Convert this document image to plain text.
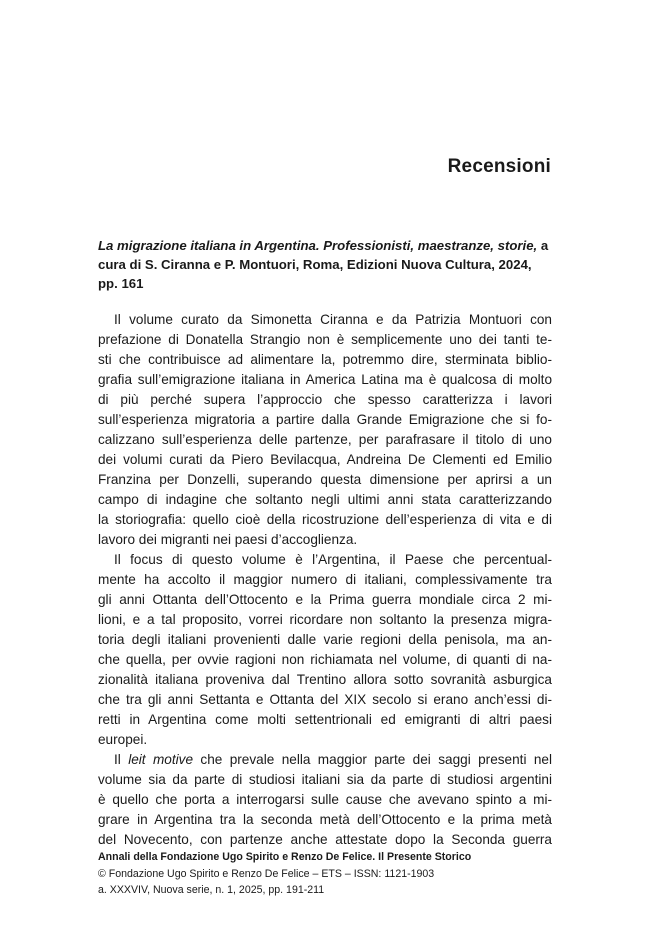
Recensioni

La migrazione italiana in Argentina. Professionisti, maestranze, storie, a cura di S. Ciranna e P. Montuori, Roma, Edizioni Nuova Cultura, 2024, pp. 161

Il volume curato da Simonetta Ciranna e da Patrizia Montuori con
prefazione di Donatella Strangio non è semplicemente uno dei tanti te-
sti che contribuisce ad alimentare la, potremmo dire, sterminata biblio-
grafia sull’emigrazione italiana in America Latina ma è qualcosa di molto
di più perché supera l’approccio che spesso caratterizza i lavori
sull’esperienza migratoria a partire dalla Grande Emigrazione che si fo-
calizzano sull’esperienza delle partenze, per parafrasare il titolo di uno
dei volumi curati da Piero Bevilacqua, Andreina De Clementi ed Emilio
Franzina per Donzelli, superando questa dimensione per aprirsi a un
campo di indagine che soltanto negli ultimi anni stata caratterizzando
la storiografia: quello cioè della ricostruzione dell’esperienza di vita e di
lavoro dei migranti nei paesi d’accoglienza.
Il focus di questo volume è l’Argentina, il Paese che percentual-
mente ha accolto il maggior numero di italiani, complessivamente tra
gli anni Ottanta dell’Ottocento e la Prima guerra mondiale circa 2 mi-
lioni, e a tal proposito, vorrei ricordare non soltanto la presenza migra-
toria degli italiani provenienti dalle varie regioni della penisola, ma an-
che quella, per ovvie ragioni non richiamata nel volume, di quanti di na-
zionalità italiana proveniva dal Trentino allora sotto sovranità asburgica
che tra gli anni Settanta e Ottanta del XIX secolo si erano anch’essi di-
retti in Argentina come molti settentrionali ed emigranti di altri paesi
europei.
Il leit motive che prevale nella maggior parte dei saggi presenti nel
volume sia da parte di studiosi italiani sia da parte di studiosi argentini
è quello che porta a interrogarsi sulle cause che avevano spinto a mi-
grare in Argentina tra la seconda metà dell’Ottocento e la prima metà
del Novecento, con partenze anche attestate dopo la Seconda guerra
Annali della Fondazione Ugo Spirito e Renzo De Felice. Il Presente Storico
© Fondazione Ugo Spirito e Renzo De Felice – ETS – ISSN: 1121-1903
a. XXXVIV, Nuova serie, n. 1, 2025, pp. 191-211
